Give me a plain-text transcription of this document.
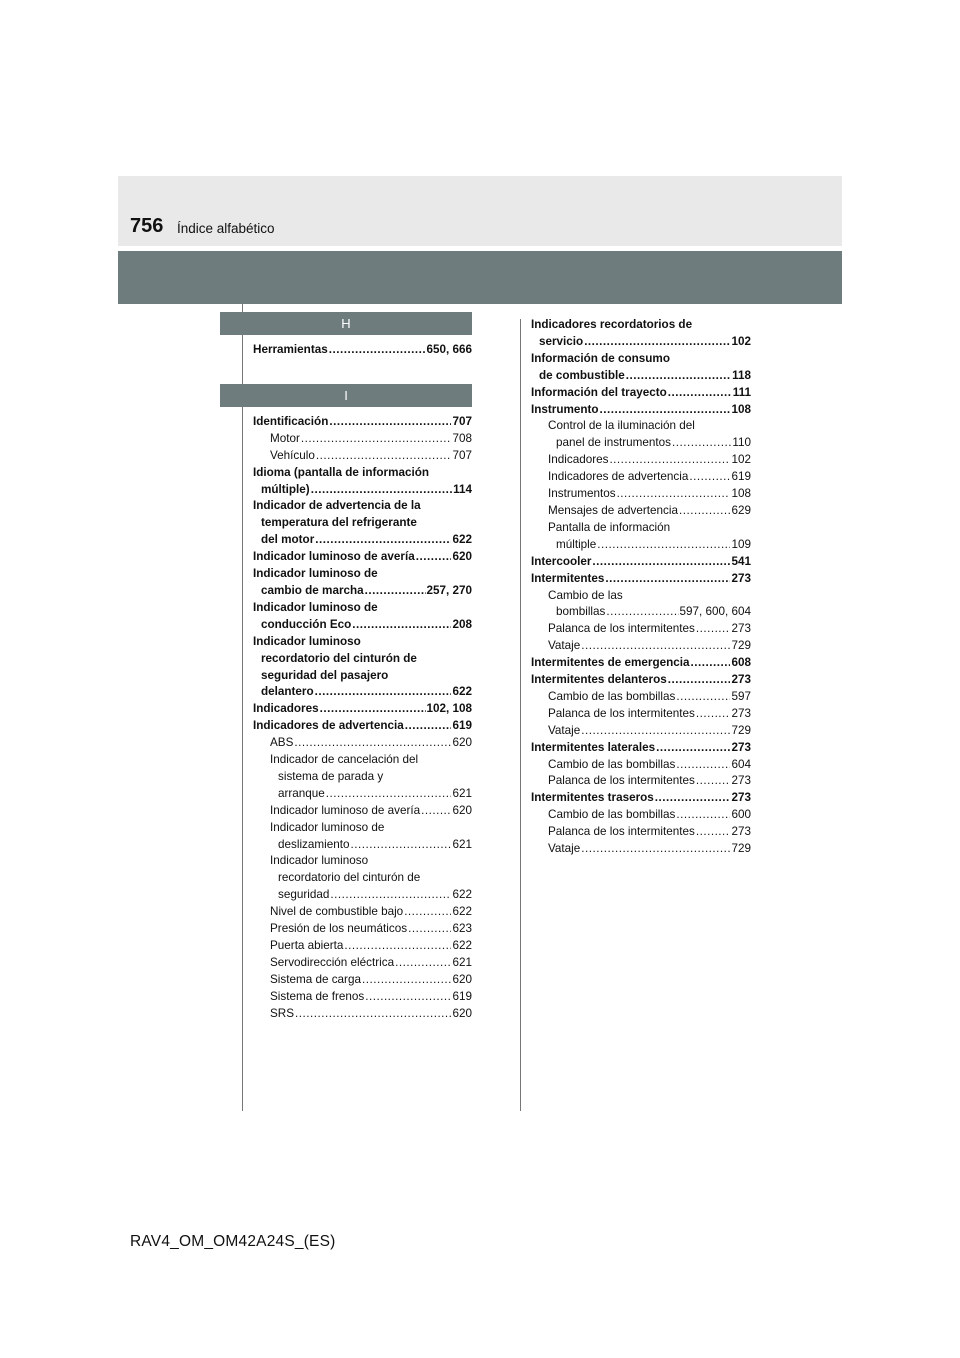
756 Índice alfabético
H
Herramientas .....	650, 666
I
Identificación .....	707
Motor .....	708
Vehículo .....	707
Idioma (pantalla de información
múltiple) .....	114
Indicador de advertencia de la
temperatura del refrigerante
del motor .....	622
Indicador luminoso de avería .....	620
Indicador luminoso de
cambio de marcha .....	257, 270
Indicador luminoso de
conducción Eco .....	208
Indicador luminoso
recordatorio del cinturón de
seguridad del pasajero
delantero .....	622
Indicadores .....	102, 108
Indicadores de advertencia .....	619
ABS .....	620
Indicador de cancelación del
sistema de parada y
arranque .....	621
Indicador luminoso de avería .....	620
Indicador luminoso de
deslizamiento .....	621
Indicador luminoso
recordatorio del cinturón de
seguridad .....	622
Nivel de combustible bajo .....	622
Presión de los neumáticos .....	623
Puerta abierta .....	622
Servodirección eléctrica .....	621
Sistema de carga .....	620
Sistema de frenos .....	619
SRS .....	620
Indicadores recordatorios de
servicio .....	102
Información de consumo
de combustible .....	118
Información del trayecto .....	111
Instrumento .....	108
Control de la iluminación del
panel de instrumentos .....	110
Indicadores .....	102
Indicadores de advertencia .....	619
Instrumentos .....	108
Mensajes de advertencia .....	629
Pantalla de información
múltiple .....	109
Intercooler .....	541
Intermitentes .....	273
Cambio de las
bombillas .....	597, 600, 604
Palanca de los intermitentes .....	273
Vataje .....	729
Intermitentes de emergencia .....	608
Intermitentes delanteros .....	273
Cambio de las bombillas .....	597
Palanca de los intermitentes .....	273
Vataje .....	729
Intermitentes laterales .....	273
Cambio de las bombillas .....	604
Palanca de los intermitentes .....	273
Intermitentes traseros .....	273
Cambio de las bombillas .....	600
Palanca de los intermitentes .....	273
Vataje .....	729
RAV4_OM_OM42A24S_(ES)
